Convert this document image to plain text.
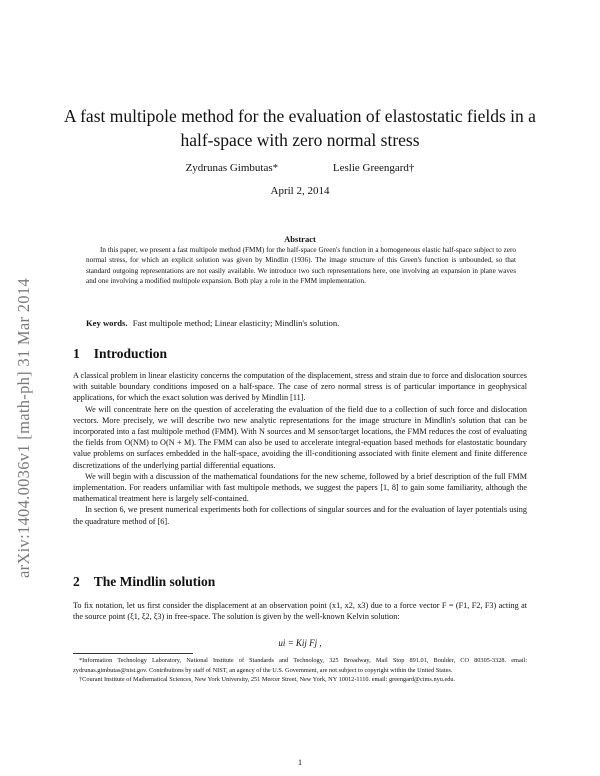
arXiv:1404.0036v1 [math-ph] 31 Mar 2014
A fast multipole method for the evaluation of elastostatic fields in a half-space with zero normal stress
Zydrunas Gimbutas*	Leslie Greengard†
April 2, 2014
Abstract
In this paper, we present a fast multipole method (FMM) for the half-space Green's function in a homogeneous elastic half-space subject to zero normal stress, for which an explicit solution was given by Mindlin (1936). The image structure of this Green's function is unbounded, so that standard outgoing representations are not easily available. We introduce two such representations here, one involving an expansion in plane waves and one involving a modified multipole expansion. Both play a role in the FMM implementation.
Key words. Fast multipole method; Linear elasticity; Mindlin's solution.
1 Introduction

A classical problem in linear elasticity concerns the computation of the displacement, stress and strain due to force and dislocation sources with suitable boundary conditions imposed on a half-space. The case of zero normal stress is of particular importance in geophysical applications, for which the exact solution was derived by Mindlin [11].

We will concentrate here on the question of accelerating the evaluation of the field due to a collection of such force and dislocation vectors. More precisely, we will describe two new analytic representations for the image structure in Mindlin's solution that can be incorporated into a fast multipole method (FMM). With N sources and M sensor/target locations, the FMM reduces the cost of evaluating the fields from O(NM) to O(N + M). The FMM can also be used to accelerate integral-equation based methods for elastostatic boundary value problems on surfaces embedded in the half-space, avoiding the ill-conditioning associated with finite element and finite difference discretizations of the underlying partial differential equations.

We will begin with a discussion of the mathematical foundations for the new scheme, followed by a brief description of the full FMM implementation. For readers unfamiliar with fast multipole methods, we suggest the papers [1, 8] to gain some familiarity, although the mathematical treatment here is largely self-contained.

In section 6, we present numerical experiments both for collections of singular sources and for the evaluation of layer potentials using the quadrature method of [6].

2 The Mindlin solution

To fix notation, let us first consider the displacement at an observation point (x1, x2, x3) due to a force vector F = (F1, F2, F3) acting at the source point (ξ1, ξ2, ξ3) in free-space. The solution is given by the well-known Kelvin solution:

ui = Kij Fj ,

*Information Technology Laboratory, National Institute of Standards and Technology, 325 Broadway, Mail Stop 891.01, Boulder, CO 80305-3328. email: zydrunas.gimbutas@nist.gov. Contributions by staff of NIST, an agency of the U.S. Government, are not subject to copyright within the United States.

†Courant Institute of Mathematical Sciences, New York University, 251 Mercer Street, New York, NY 10012-1110. email: greengard@cims.nyu.edu.

1
